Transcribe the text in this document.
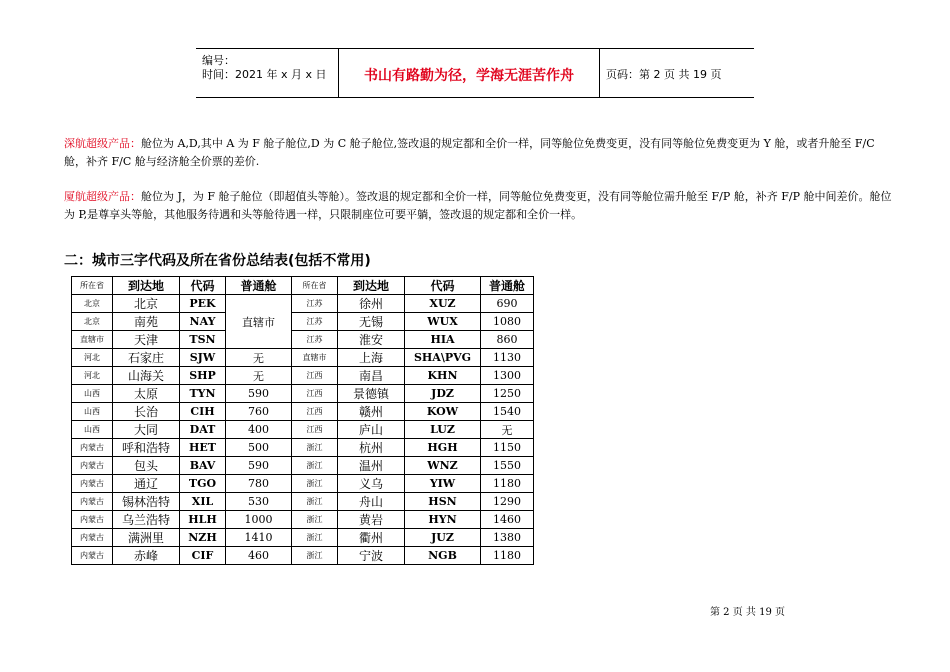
编号：
时间：2021 年 x 月 x 日	书山有路勤为径，学海无涯苦作舟	页码：第 2 页 共 19 页
深航超级产品：舱位为 A,D,其中 A 为 F 舱子舱位,D 为 C 舱子舱位,签改退的规定都和全价一样，同等舱位免费变更，没有同等舱位免费变更为 Y 舱，或者升舱至 F/C 舱，补齐 F/C 舱与经济舱全价票的差价.
厦航超级产品：舱位为 J，为 F 舱子舱位（即超值头等舱）。签改退的规定都和全价一样，同等舱位免费变更，没有同等舱位需升舱至 F/P 舱，补齐 F/P 舱中间差价。舱位为 P,是尊享头等舱，其他服务待遇和头等舱待遇一样，只限制座位可要平躺，签改退的规定都和全价一样。
二：城市三字代码及所在省份总结表(包括不常用)
所在省	到达地	代码	普通舱	所在省	到达地	代码	普通舱
北京	北京	PEK	直辖市	江苏	徐州	XUZ	690
北京	南苑	NAY		江苏	无锡	WUX	1080
直辖市	天津	TSN		江苏	淮安	HIA	860
河北	石家庄	SJW	无	直辖市	上海	SHA\PVG	1130
河北	山海关	SHP	无	江西	南昌	KHN	1300
山西	太原	TYN	590	江西	景德镇	JDZ	1250
山西	长治	CIH	760	江西	赣州	KOW	1540
山西	大同	DAT	400	江西	庐山	LUZ	无
内蒙古	呼和浩特	HET	500	浙江	杭州	HGH	1150
内蒙古	包头	BAV	590	浙江	温州	WNZ	1550
内蒙古	通辽	TGO	780	浙江	义乌	YIW	1180
内蒙古	锡林浩特	XIL	530	浙江	舟山	HSN	1290
内蒙古	乌兰浩特	HLH	1000	浙江	黄岩	HYN	1460
内蒙古	满洲里	NZH	1410	浙江	衢州	JUZ	1380
内蒙古	赤峰	CIF	460	浙江	宁波	NGB	1180
第 2 页 共 19 页
